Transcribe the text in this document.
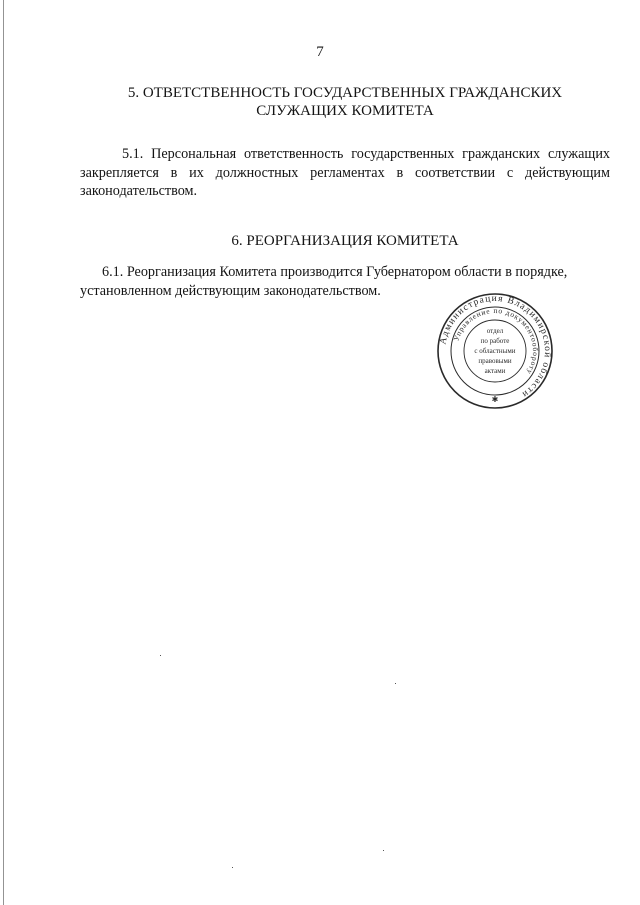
7
5. ОТВЕТСТВЕННОСТЬ ГОСУДАРСТВЕННЫХ ГРАЖДАНСКИХ
СЛУЖАЩИХ КОМИТЕТА
5.1. Персональная ответственность государственных гражданских служащих закрепляется в их должностных регламентах в соответствии с действующим законодательством.
6. РЕОРГАНИЗАЦИЯ КОМИТЕТА
6.1. Реорганизация Комитета производится Губернатором области в порядке, установленном действующим законодательством.
Администрация Владимирской области
Управление по документообороту
отдел
по работе
с областными
правовыми
актами
✱
